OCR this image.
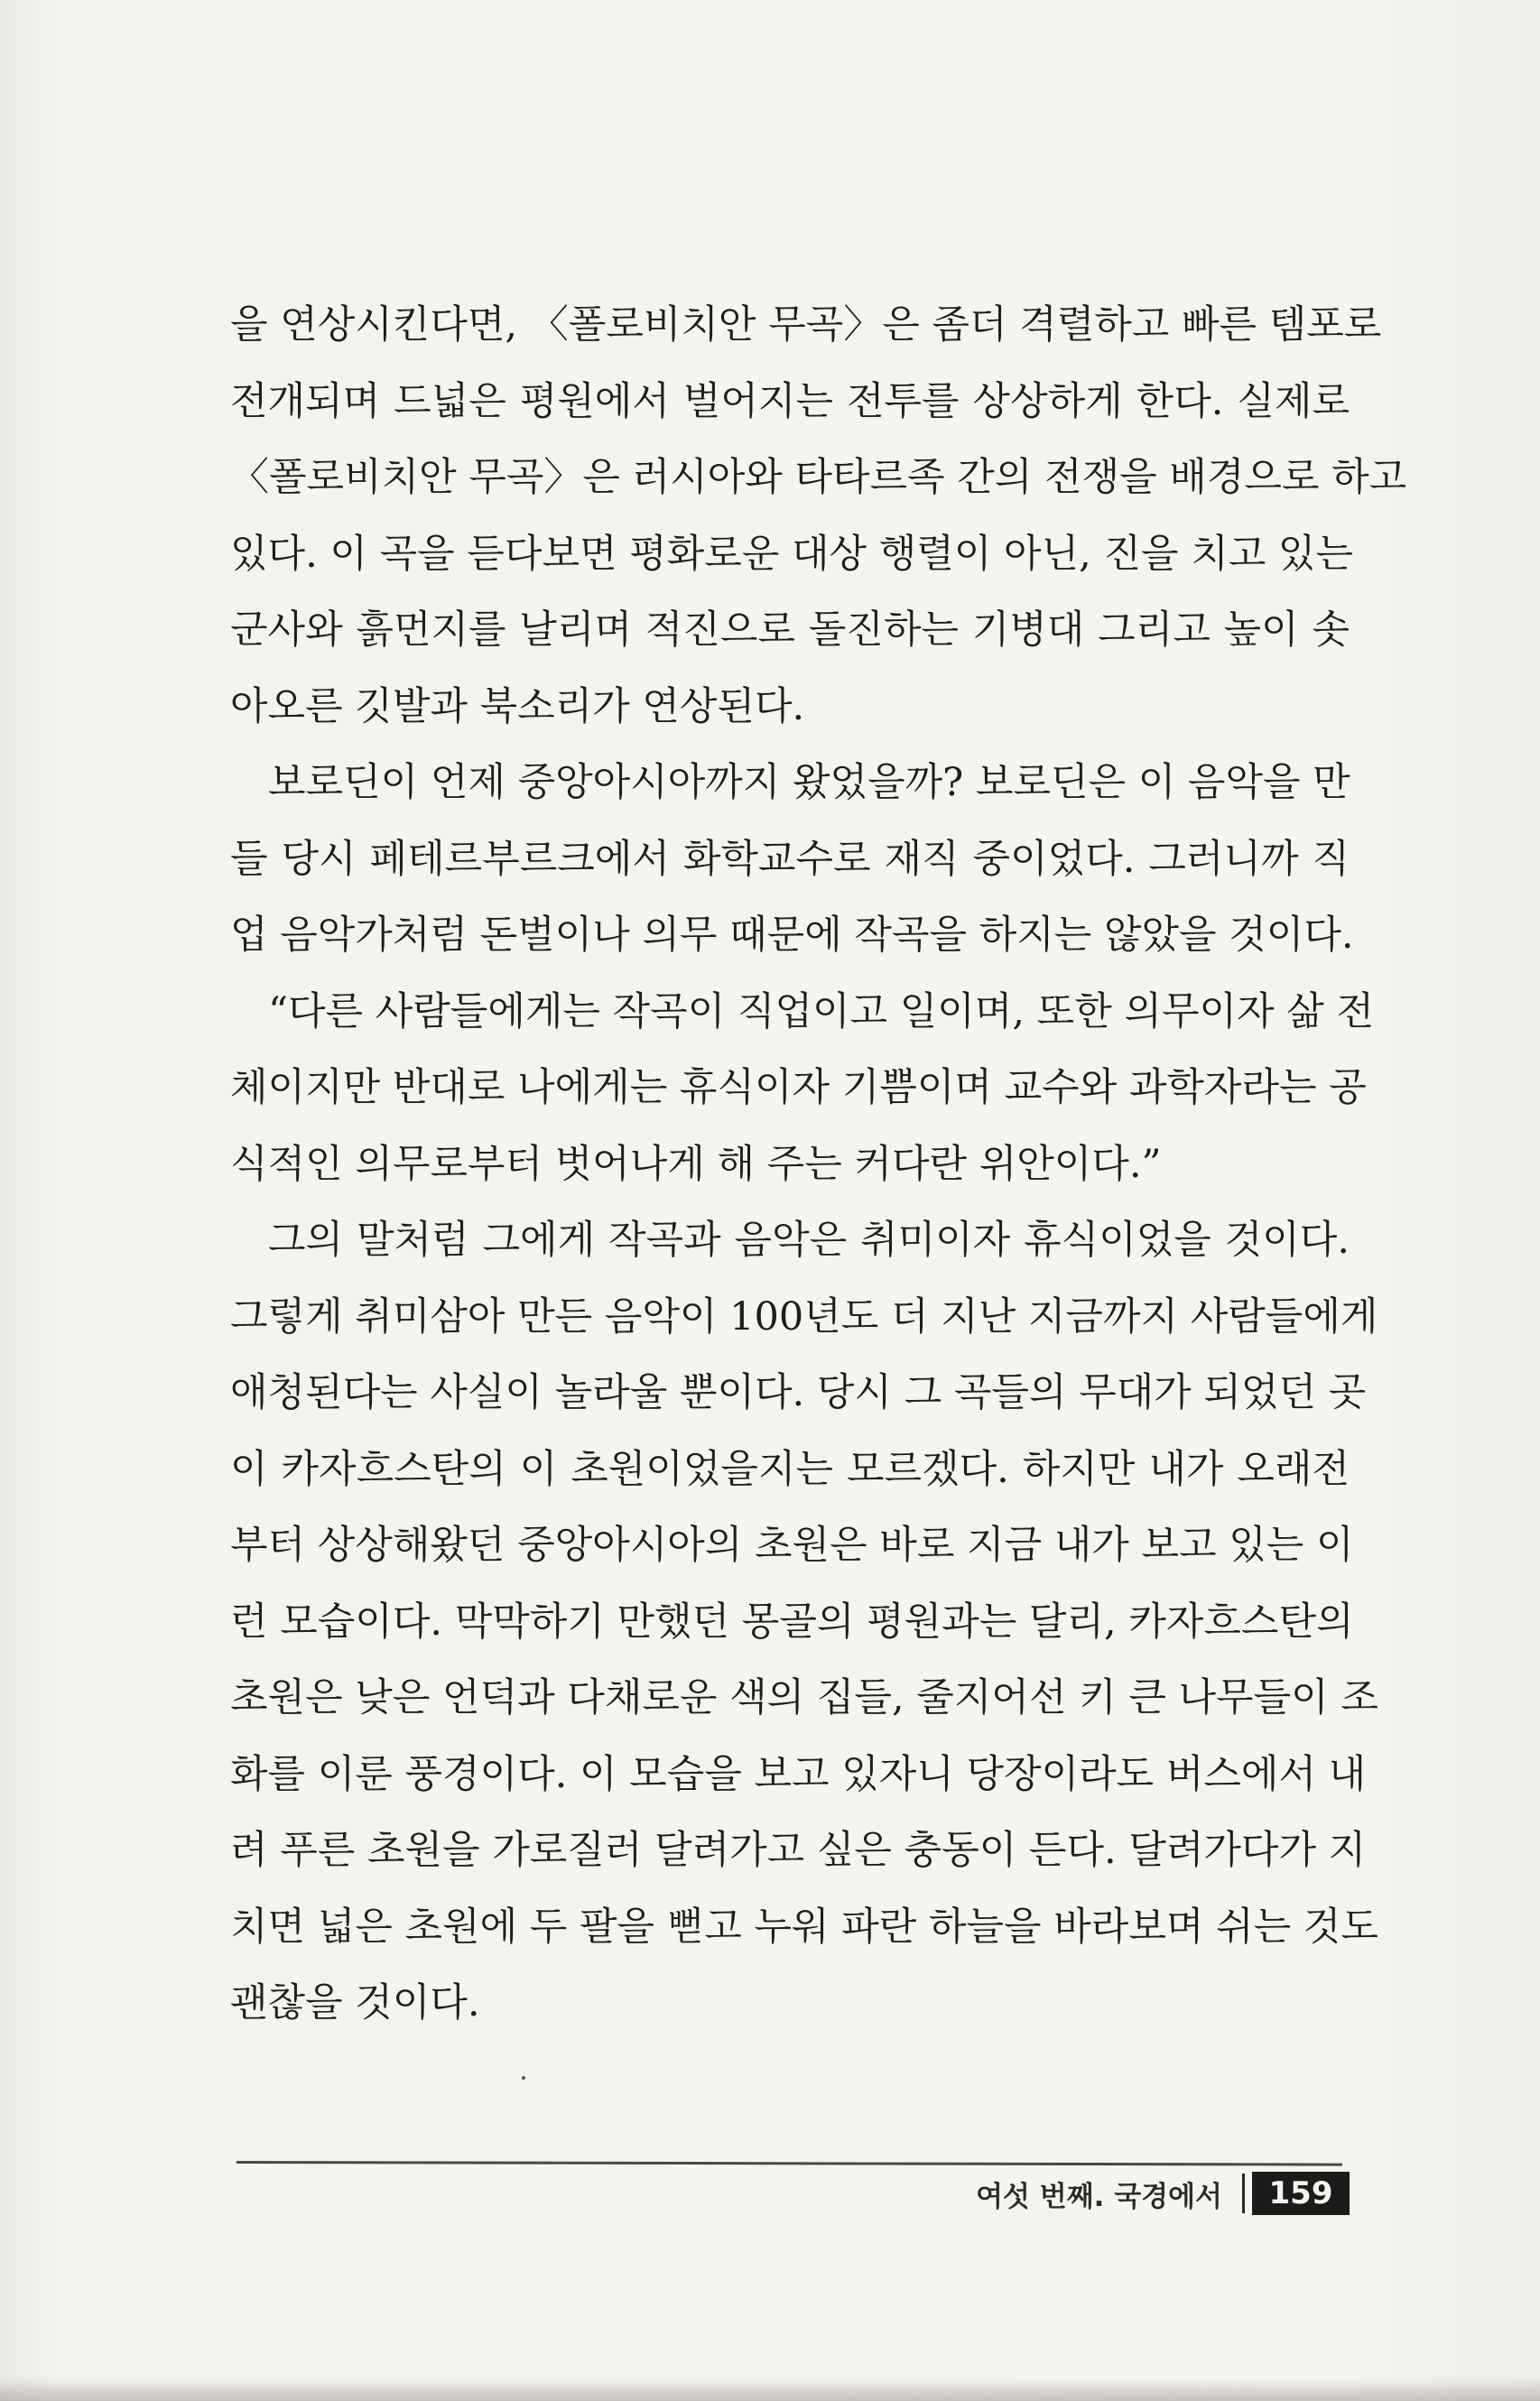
을 연상시킨다면, 〈폴로비치안 무곡〉은 좀더 격렬하고 빠른 템포로
전개되며 드넓은 평원에서 벌어지는 전투를 상상하게 한다. 실제로
〈폴로비치안 무곡〉은 러시아와 타타르족 간의 전쟁을 배경으로 하고
있다. 이 곡을 듣다보면 평화로운 대상 행렬이 아닌, 진을 치고 있는
군사와 흙먼지를 날리며 적진으로 돌진하는 기병대 그리고 높이 솟
아오른 깃발과 북소리가 연상된다.
보로딘이 언제 중앙아시아까지 왔었을까? 보로딘은 이 음악을 만
들 당시 페테르부르크에서 화학교수로 재직 중이었다. 그러니까 직
업 음악가처럼 돈벌이나 의무 때문에 작곡을 하지는 않았을 것이다.
“다른 사람들에게는 작곡이 직업이고 일이며, 또한 의무이자 삶 전
체이지만 반대로 나에게는 휴식이자 기쁨이며 교수와 과학자라는 공
식적인 의무로부터 벗어나게 해 주는 커다란 위안이다.”
그의 말처럼 그에게 작곡과 음악은 취미이자 휴식이었을 것이다.
그렇게 취미삼아 만든 음악이 100년도 더 지난 지금까지 사람들에게
애청된다는 사실이 놀라울 뿐이다. 당시 그 곡들의 무대가 되었던 곳
이 카자흐스탄의 이 초원이었을지는 모르겠다. 하지만 내가 오래전
부터 상상해왔던 중앙아시아의 초원은 바로 지금 내가 보고 있는 이
런 모습이다. 막막하기 만했던 몽골의 평원과는 달리, 카자흐스탄의
초원은 낮은 언덕과 다채로운 색의 집들, 줄지어선 키 큰 나무들이 조
화를 이룬 풍경이다. 이 모습을 보고 있자니 당장이라도 버스에서 내
려 푸른 초원을 가로질러 달려가고 싶은 충동이 든다. 달려가다가 지
치면 넓은 초원에 두 팔을 뻗고 누워 파란 하늘을 바라보며 쉬는 것도
괜찮을 것이다.
여섯 번째. 국경에서	159
